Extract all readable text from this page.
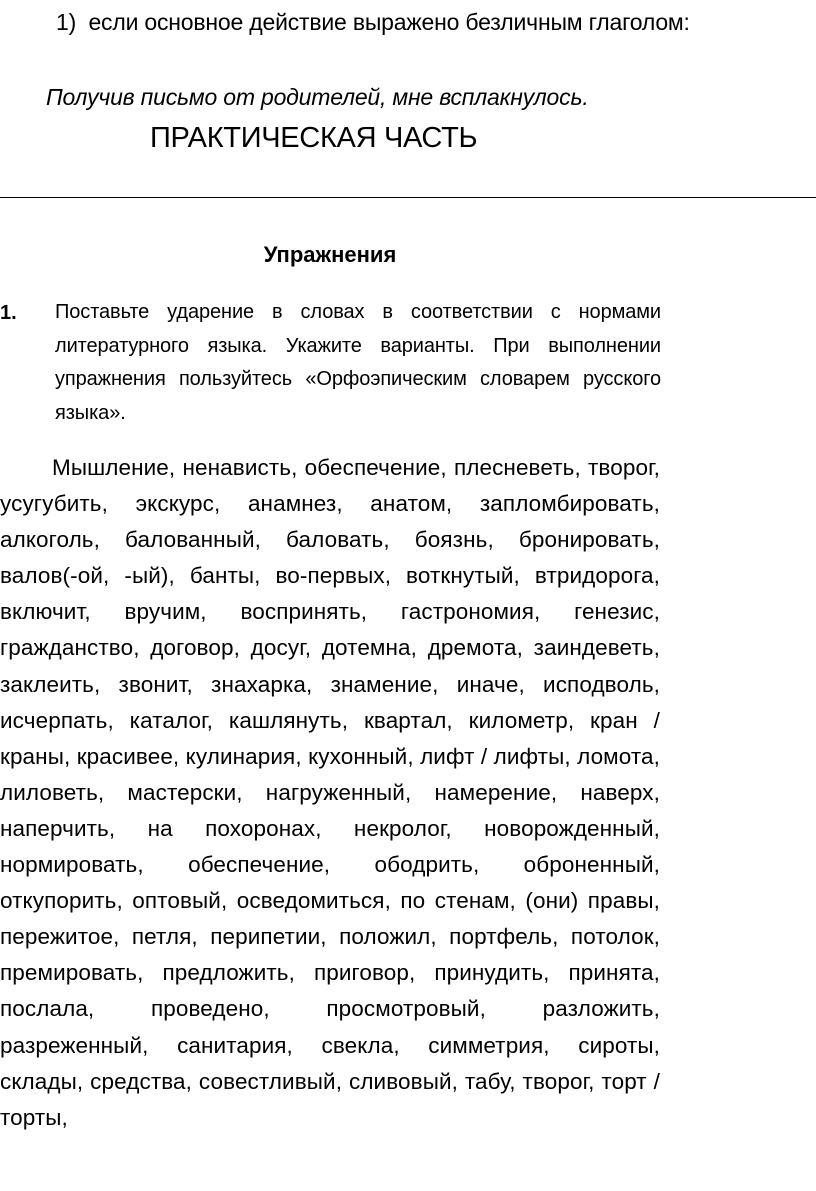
1) если основное действие выражено безличным глаголом:
Получив письмо от родителей, мне всплакнулось.
ПРАКТИЧЕСКАЯ ЧАСТЬ
Упражнения
1. Поставьте ударение в словах в соответствии с нормами литературного языка. Укажите варианты. При выполнении упражнения пользуйтесь «Орфоэпическим словарем русского языка».
Мышление, ненависть, обеспечение, плесневеть, творог, усугубить, экскурс, анамнез, анатом, запломбировать, алкоголь, балованный, баловать, боязнь, бронировать, валов(-ой, -ый), банты, во-первых, воткнутый, втридорога, включит, вручим, воспринять, гастрономия, генезис, гражданство, договор, досуг, дотемна, дремота, заиндеветь, заклеить, звонит, знахарка, знамение, иначе, исподволь, исчерпать, каталог, кашлянуть, квартал, километр, кран / краны, красивее, кулинария, кухонный, лифт / лифты, ломота, лиловеть, мастерски, нагруженный, намерение, наверх, наперчить, на похоронах, некролог, новорожденный, нормировать, обеспечение, ободрить, оброненный, откупорить, оптовый, осведомиться, по стенам, (они) правы, пережитое, петля, перипетии, положил, портфель, потолок, премировать, предложить, приговор, принудить, принята, послала, проведено, просмотровый, разложить, разреженный, санитария, свекла, симметрия, сироты, склады, средства, совестливый, сливовый, табу, творог, торт / торты,
